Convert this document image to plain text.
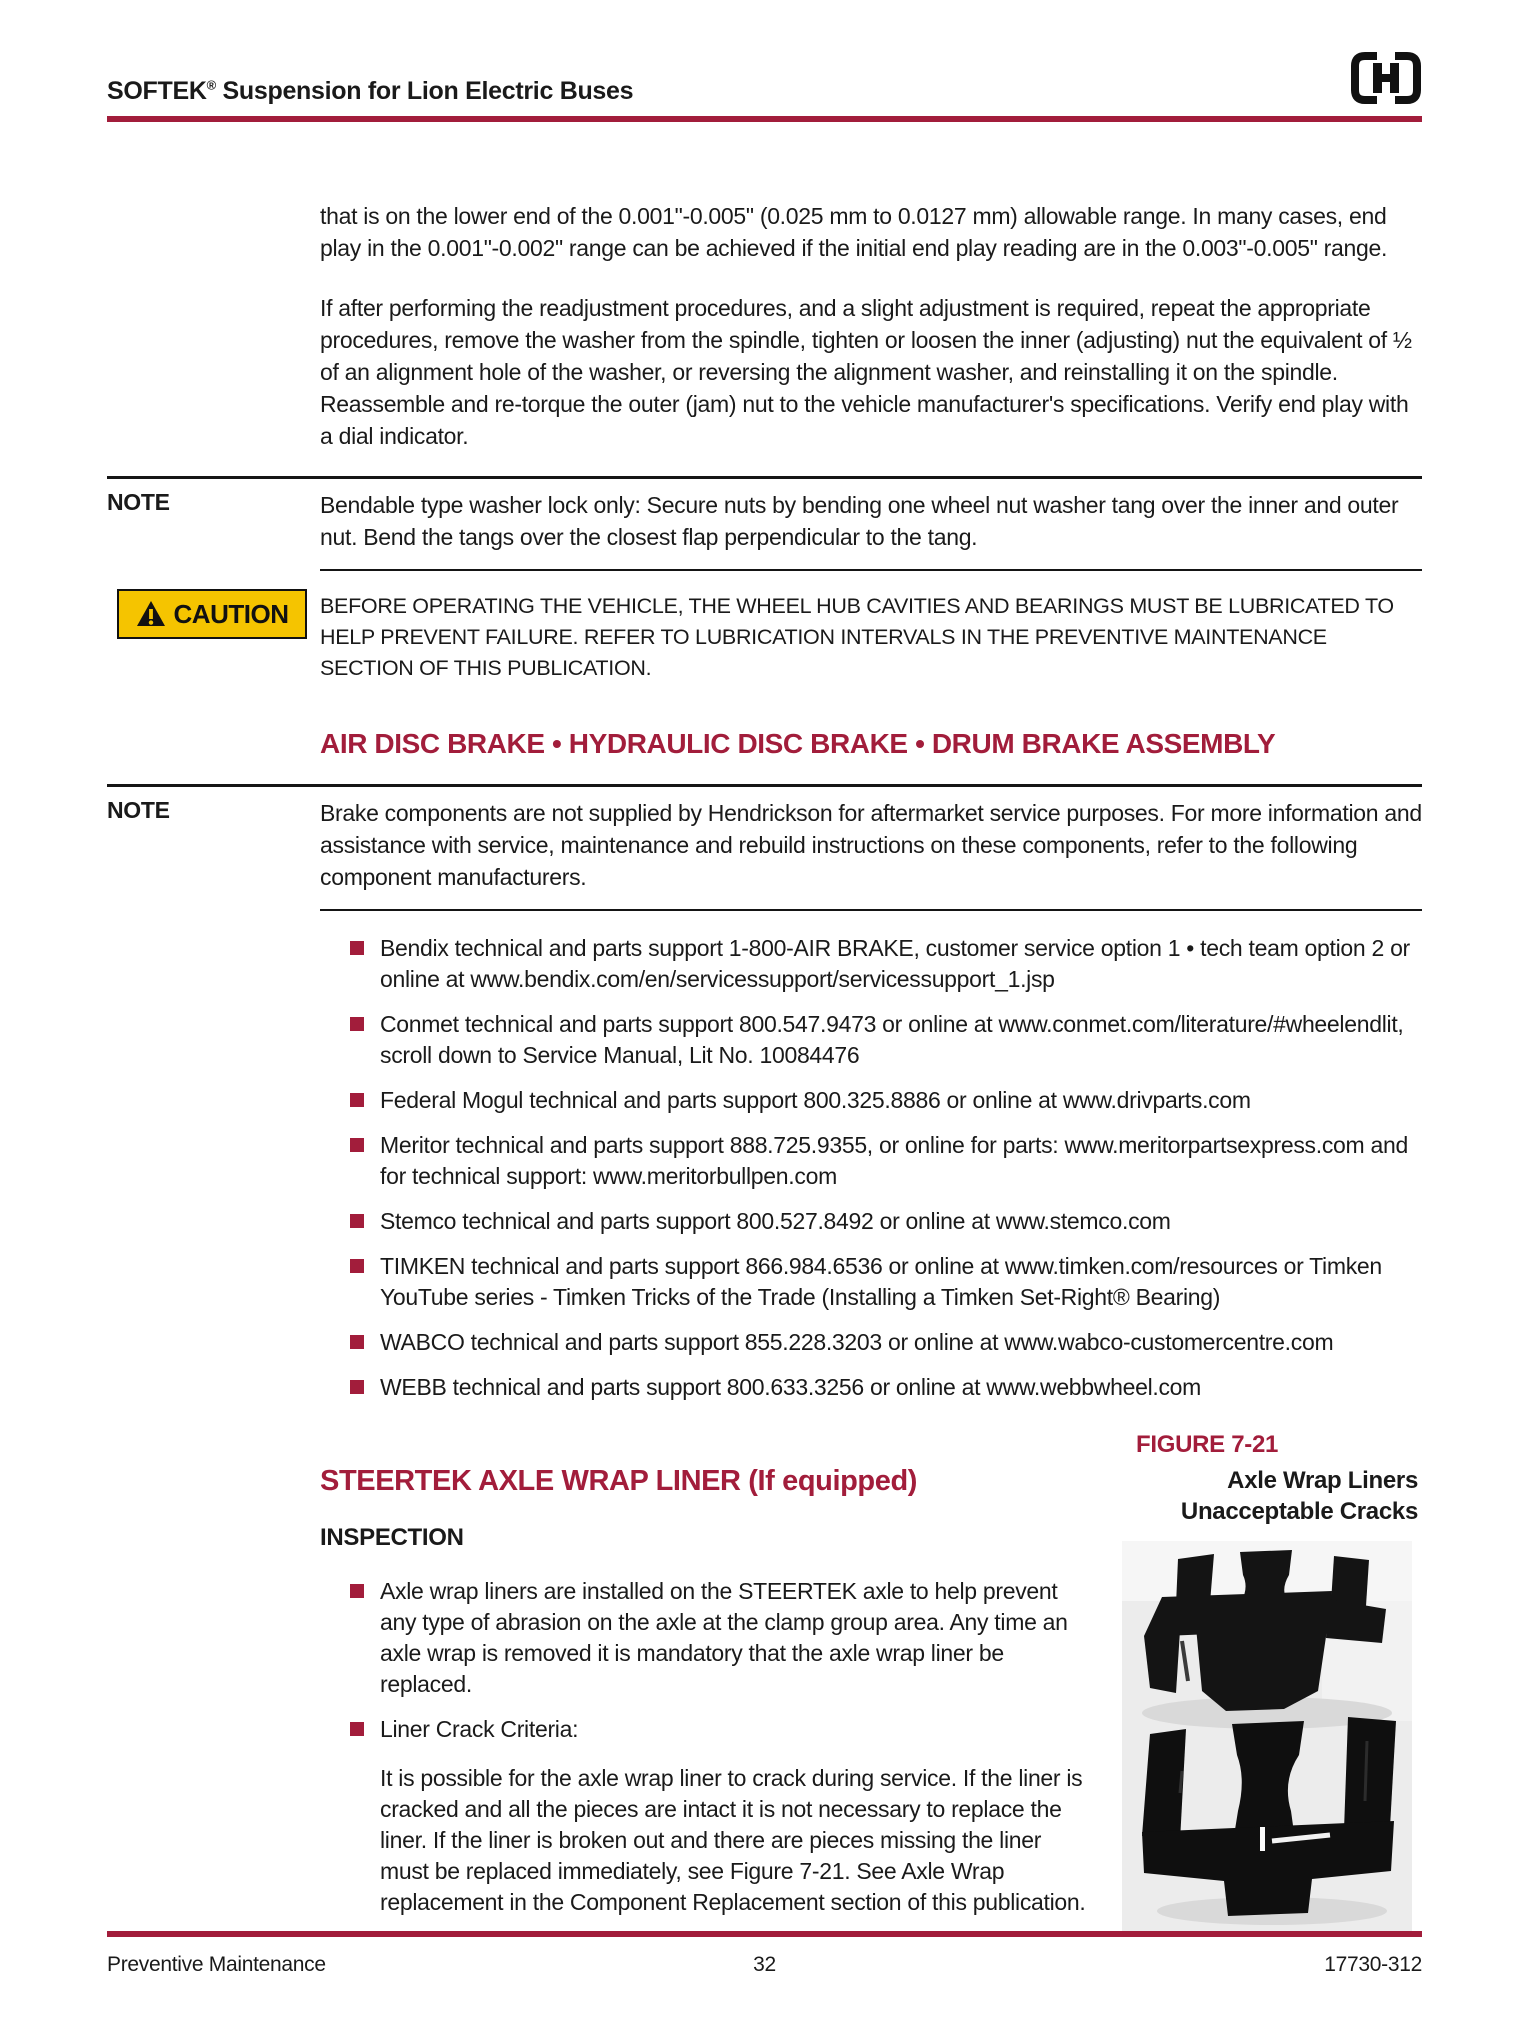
SOFTEK® Suspension for Lion Electric Buses

that is on the lower end of the 0.001"-0.005" (0.025 mm to 0.0127 mm) allowable range. In many cases, end play in the 0.001"-0.002" range can be achieved if the initial end play reading are in the 0.003"-0.005" range.

If after performing the readjustment procedures, and a slight adjustment is required, repeat the appropriate procedures, remove the washer from the spindle, tighten or loosen the inner (adjusting) nut the equivalent of ½ of an alignment hole of the washer, or reversing the alignment washer, and reinstalling it on the spindle. Reassemble and re-torque the outer (jam) nut to the vehicle manufacturer's specifications. Verify end play with a dial indicator.

NOTE	Bendable type washer lock only: Secure nuts by bending one wheel nut washer tang over the inner and outer nut. Bend the tangs over the closest flap perpendicular to the tang.
CAUTION BEFORE OPERATING THE VEHICLE, THE WHEEL HUB CAVITIES AND BEARINGS MUST BE LUBRICATED TO HELP PREVENT FAILURE. REFER TO LUBRICATION INTERVALS IN THE PREVENTIVE MAINTENANCE SECTION OF THIS PUBLICATION.
AIR DISC BRAKE • HYDRAULIC DISC BRAKE • DRUM BRAKE ASSEMBLY
NOTE	Brake components are not supplied by Hendrickson for aftermarket service purposes. For more information and assistance with service, maintenance and rebuild instructions on these components, refer to the following component manufacturers.
Bendix technical and parts support 1-800-AIR BRAKE, customer service option 1 • tech team option 2 or online at www.bendix.com/en/servicessupport/servicessupport_1.jsp
Conmet technical and parts support 800.547.9473 or online at www.conmet.com/literature/#wheelendlit, scroll down to Service Manual, Lit No. 10084476
Federal Mogul technical and parts support 800.325.8886 or online at www.drivparts.com
Meritor technical and parts support 888.725.9355, or online for parts: www.meritorpartsexpress.com and for technical support: www.meritorbullpen.com
Stemco technical and parts support 800.527.8492 or online at www.stemco.com
TIMKEN technical and parts support 866.984.6536 or online at www.timken.com/resources or Timken YouTube series - Timken Tricks of the Trade (Installing a Timken Set-Right® Bearing)
WABCO technical and parts support 855.228.3203 or online at www.wabco-customercentre.com
WEBB technical and parts support 800.633.3256 or online at www.webbwheel.com
STEERTEK AXLE WRAP LINER (If equipped)
INSPECTION
Axle wrap liners are installed on the STEERTEK axle to help prevent any type of abrasion on the axle at the clamp group area. Any time an axle wrap is removed it is mandatory that the axle wrap liner be replaced.
Liner Crack Criteria:

It is possible for the axle wrap liner to crack during service. If the liner is cracked and all the pieces are intact it is not necessary to replace the liner. If the liner is broken out and there are pieces missing the liner must be replaced immediately, see Figure 7-21. See Axle Wrap replacement in the Component Replacement section of this publication.

FIGURE 7-21
Axle Wrap Liners
Unacceptable Cracks
Preventive Maintenance	32	17730-312
